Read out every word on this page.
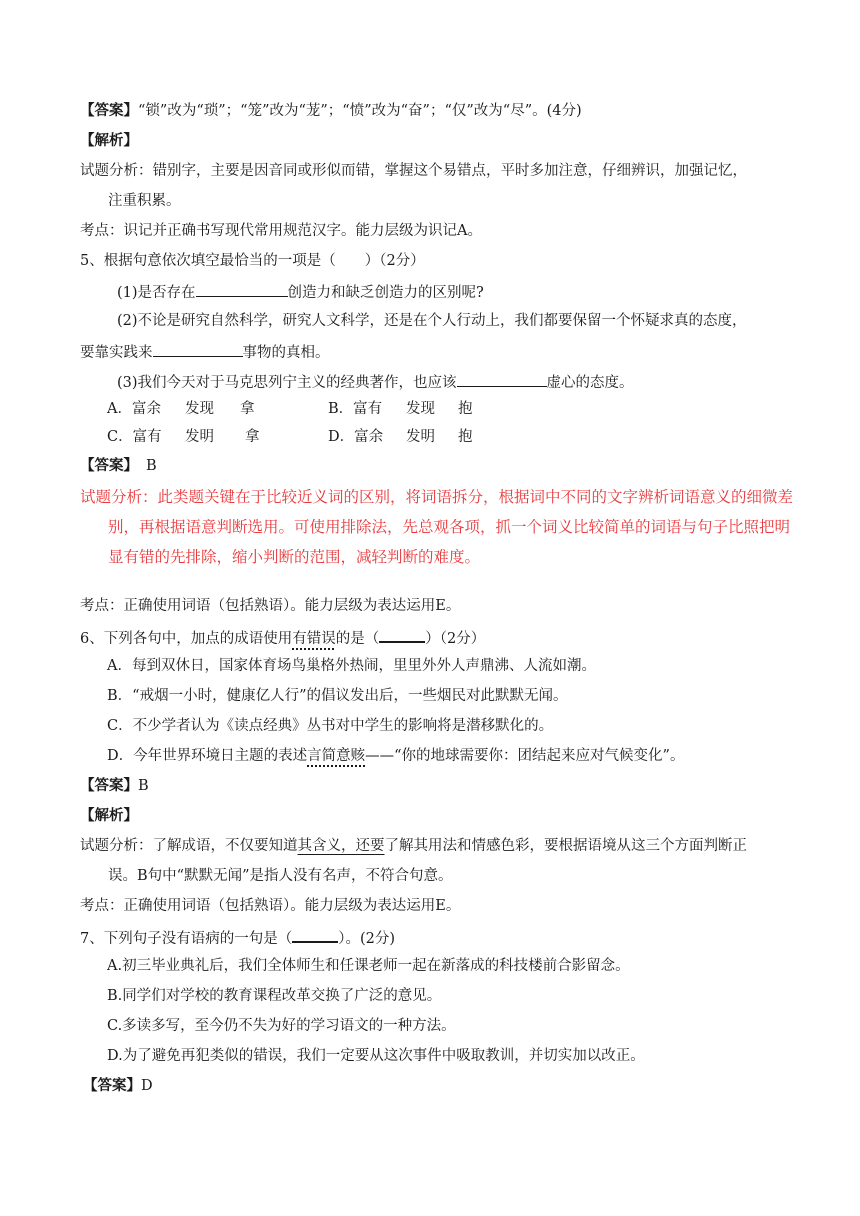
【答案】“锁”改为“琐”；“笼”改为“茏”；“愤”改为“奋”；“仅”改为“尽”。(4分)
【解析】
试题分析：错别字，主要是因音同或形似而错，掌握这个易错点，平时多加注意，仔细辨识，加强记忆，
注重积累。
考点：识记并正确书写现代常用规范汉字。能力层级为识记A。
5、根据句意依次填空最恰当的一项是（　　）（2分）
(1)是否存在	创造力和缺乏创造力的区别呢?
(2)不论是研究自然科学，研究人文科学，还是在个人行动上，我们都要保留一个怀疑求真的态度，
要靠实践来	事物的真相。
(3)我们今天对于马克思列宁主义的经典著作，也应该	虚心的态度。
A．富余 发现 拿	B．富有 发现 抱
C．富有 发明 拿	D．富余 发明 抱
【答案】 B
试题分析：此类题关键在于比较近义词的区别，将词语拆分，根据词中不同的文字辨析词语意义的细微差
别，再根据语意判断选用。可使用排除法，先总观各项，抓一个词义比较简单的词语与句子比照把明
显有错的先排除，缩小判断的范围，减轻判断的难度。
考点：正确使用词语（包括熟语）。能力层级为表达运用E。
6、下列各句中，加点的成语使用有错误的是（	）（2分）
A．每到双休日，国家体育场鸟巢格外热闹，里里外外人声鼎沸、人流如潮。
B．“戒烟一小时，健康亿人行”的倡议发出后，一些烟民对此默默无闻。
C．不少学者认为《读点经典》丛书对中学生的影响将是潜移默化的。
D．今年世界环境日主题的表述言简意赅——“你的地球需要你：团结起来应对气候变化”。
【答案】B
【解析】
试题分析：了解成语，不仅要知道其含义，还要了解其用法和情感色彩，要根据语境从这三个方面判断正
误。B句中“默默无闻”是指人没有名声，不符合句意。
考点：正确使用词语（包括熟语）。能力层级为表达运用E。
7、下列句子没有语病的一句是（	）。(2分)
A.初三毕业典礼后，我们全体师生和任课老师一起在新落成的科技楼前合影留念。
B.同学们对学校的教育课程改革交换了广泛的意见。
C.多读多写，至今仍不失为好的学习语文的一种方法。
D.为了避免再犯类似的错误，我们一定要从这次事件中吸取教训，并切实加以改正。
【答案】D
